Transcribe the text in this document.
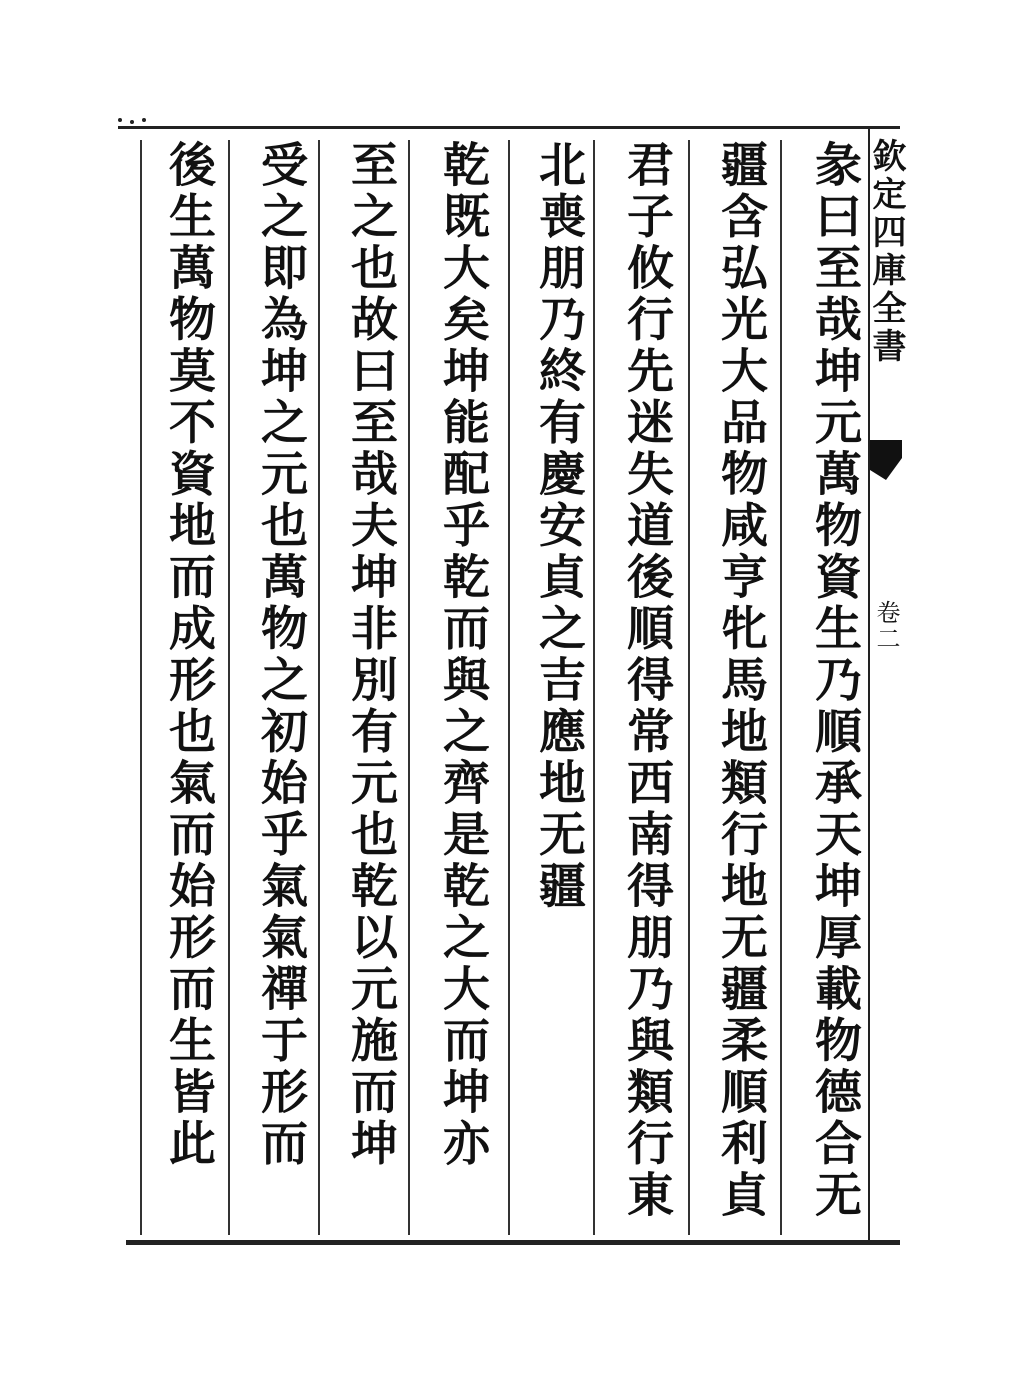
欽定四庫全書
卷二
彖曰至哉坤元萬物資生乃順承天坤厚載物德合无
疆含弘光大品物咸亨牝馬地類行地无疆柔順利貞
君子攸行先迷失道後順得常西南得朋乃與類行東
北喪朋乃終有慶安貞之吉應地无疆
乾既大矣坤能配乎乾而與之齊是乾之大而坤亦
至之也故曰至哉夫坤非別有元也乾以元施而坤
受之即為坤之元也萬物之初始乎氣氣禪于形而
後生萬物莫不資地而成形也氣而始形而生皆此
